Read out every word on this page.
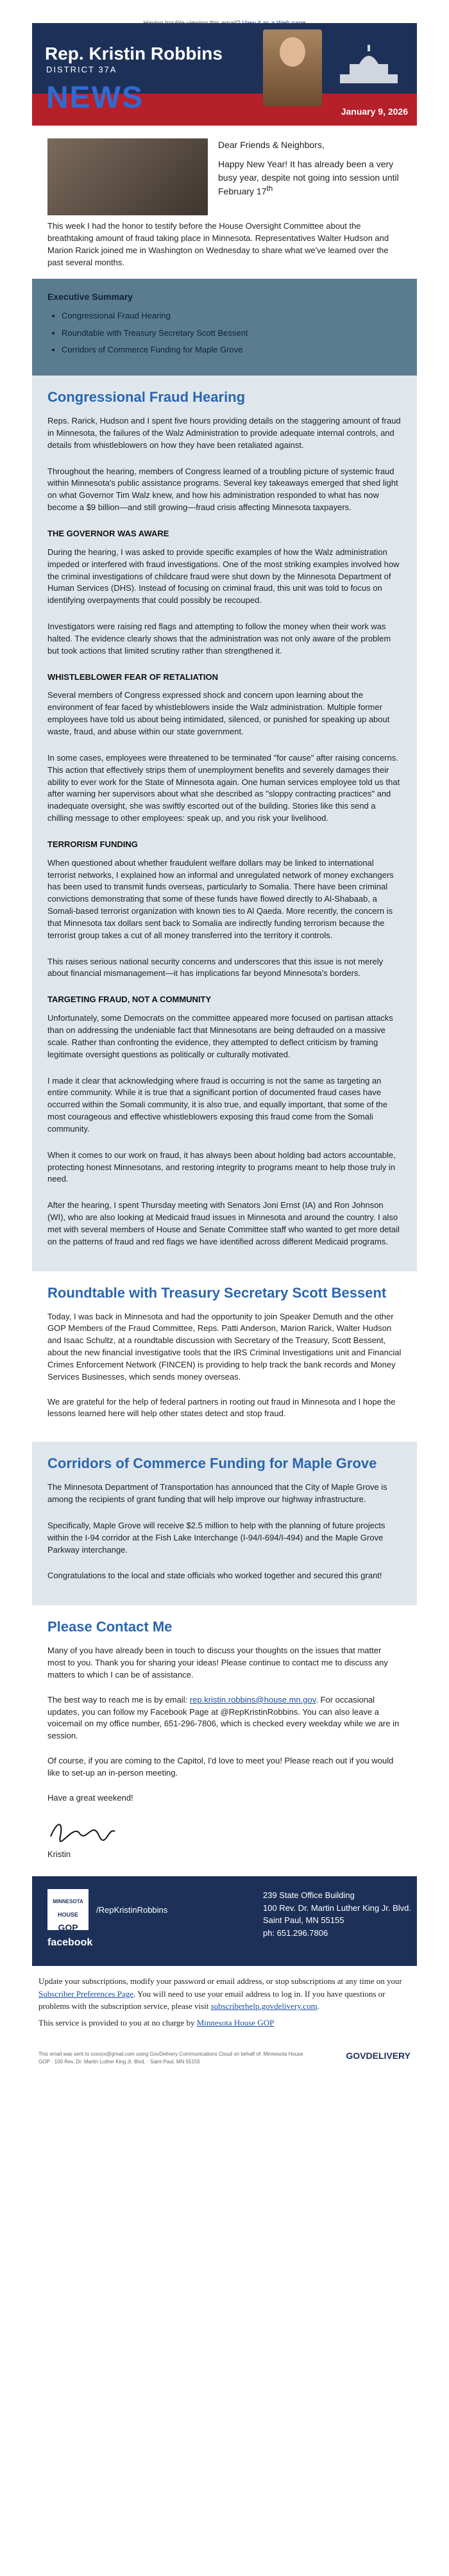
Rep. Kristin Robbins
DISTRICT 37A
NEWS	January 9, 2026

Dear Friends & Neighbors,

Happy New Year! It has already been a very busy year, despite not going into session until February 17th

This week I had the honor to testify before the House Oversight Committee about the breathtaking amount of fraud taking place in Minnesota. Representatives Walter Hudson and Marion Rarick joined me in Washington on Wednesday to share what we've learned over the past several months.

Executive Summary
• Congressional Fraud Hearing
• Roundtable with Treasury Secretary Scott Bessent
• Corridors of Commerce Funding for Maple Grove
Congressional Fraud Hearing

Reps. Rarick, Hudson and I spent five hours providing details on the staggering amount of fraud in Minnesota, the failures of the Walz Administration to provide adequate internal controls, and details from whistleblowers on how they have been retaliated against.

Throughout the hearing, members of Congress learned of a troubling picture of systemic fraud within Minnesota's public assistance programs. Several key takeaways emerged that shed light on what Governor Tim Walz knew, and how his administration responded to what has now become a $9 billion—and still growing—fraud crisis affecting Minnesota taxpayers.

THE GOVERNOR WAS AWARE

During the hearing, I was asked to provide specific examples of how the Walz administration impeded or interfered with fraud investigations. One of the most striking examples involved how the criminal investigations of childcare fraud were shut down by the Minnesota Department of Human Services (DHS). Instead of focusing on criminal fraud, this unit was told to focus on identifying overpayments that could possibly be recouped.

Investigators were raising red flags and attempting to follow the money when their work was halted. The evidence clearly shows that the administration was not only aware of the problem but took actions that limited scrutiny rather than strengthened it.

WHISTLEBLOWER FEAR OF RETALIATION

Several members of Congress expressed shock and concern upon learning about the environment of fear faced by whistleblowers inside the Walz administration. Multiple former employees have told us about being intimidated, silenced, or punished for speaking up about waste, fraud, and abuse within our state government.

In some cases, employees were threatened to be terminated "for cause" after raising concerns. This action that effectively strips them of unemployment benefits and severely damages their ability to ever work for the State of Minnesota again. One human services employee told us that after warning her supervisors about what she described as "sloppy contracting practices" and inadequate oversight, she was swiftly escorted out of the building. Stories like this send a chilling message to other employees: speak up, and you risk your livelihood.

TERRORISM FUNDING

When questioned about whether fraudulent welfare dollars may be linked to international terrorist networks, I explained how an informal and unregulated network of money exchangers has been used to transmit funds overseas, particularly to Somalia. There have been criminal convictions demonstrating that some of these funds have flowed directly to Al-Shabaab, a Somali-based terrorist organization with known ties to Al Qaeda. More recently, the concern is that Minnesota tax dollars sent back to Somalia are indirectly funding terrorism because the terrorist group takes a cut of all money transferred into the territory it controls.

This raises serious national security concerns and underscores that this issue is not merely about financial mismanagement—it has implications far beyond Minnesota's borders.

TARGETING FRAUD, NOT A COMMUNITY

Unfortunately, some Democrats on the committee appeared more focused on partisan attacks than on addressing the undeniable fact that Minnesotans are being defrauded on a massive scale. Rather than confronting the evidence, they attempted to deflect criticism by framing legitimate oversight questions as politically or culturally motivated.

I made it clear that acknowledging where fraud is occurring is not the same as targeting an entire community. While it is true that a significant portion of documented fraud cases have occurred within the Somali community, it is also true, and equally important, that some of the most courageous and effective whistleblowers exposing this fraud come from the Somali community.

When it comes to our work on fraud, it has always been about holding bad actors accountable, protecting honest Minnesotans, and restoring integrity to programs meant to help those truly in need.

After the hearing, I spent Thursday meeting with Senators Joni Ernst (IA) and Ron Johnson (WI), who are also looking at Medicaid fraud issues in Minnesota and around the country. I also met with several members of House and Senate Committee staff who wanted to get more detail on the patterns of fraud and red flags we have identified across different Medicaid programs.

Roundtable with Treasury Secretary Scott Bessent

Today, I was back in Minnesota and had the opportunity to join Speaker Demuth and the other GOP Members of the Fraud Committee, Reps. Patti Anderson, Marion Rarick, Walter Hudson and Isaac Schultz, at a roundtable discussion with Secretary of the Treasury, Scott Bessent, about the new financial investigative tools that the IRS Criminal Investigations unit and Financial Crimes Enforcement Network (FINCEN) is providing to help track the bank records and Money Services Businesses, which sends money overseas.

We are grateful for the help of federal partners in rooting out fraud in Minnesota and I hope the lessons learned here will help other states detect and stop fraud.

Corridors of Commerce Funding for Maple Grove

The Minnesota Department of Transportation has announced that the City of Maple Grove is among the recipients of grant funding that will help improve our highway infrastructure.

Specifically, Maple Grove will receive $2.5 million to help with the planning of future projects within the I-94 corridor at the Fish Lake Interchange (I-94/I-694/I-494) and the Maple Grove Parkway interchange.

Congratulations to the local and state officials who worked together and secured this grant!

Please Contact Me

Many of you have already been in touch to discuss your thoughts on the issues that matter most to you. Thank you for sharing your ideas! Please continue to contact me to discuss any matters to which I can be of assistance.

The best way to reach me is by email: rep.kristin.robbins@house.mn.gov. For occasional updates, you can follow my Facebook Page at @RepKristinRobbins. You can also leave a voicemail on my office number, 651-296-7806, which is checked every weekday while we are in session.

Of course, if you are coming to the Capitol, I'd love to meet you! Please reach out if you would like to set-up an in-person meeting.

Have a great weekend!

Kristin

MINNESOTA
HOUSE
GOP
/RepKristinRobbins
facebook
239 State Office Building
100 Rev. Dr. Martin Luther King Jr. Blvd.
Saint Paul, MN 55155
ph: 651.296.7806

Update your subscriptions, modify your password or email address, or stop subscriptions at any time on your Subscriber Preferences Page. You will need to use your email address to log in. If you have questions or problems with the subscription service, please visit subscriberhelp.govdelivery.com.

This service is provided to you at no charge by Minnesota House GOP

This email was sent to xxxxxx@gmail.com using GovDelivery Communications Cloud on behalf of: Minnesota House GOP · 100 Rev. Dr. Martin Luther King Jr. Blvd. · Saint Paul, MN 55155
GOVDELIVERY
